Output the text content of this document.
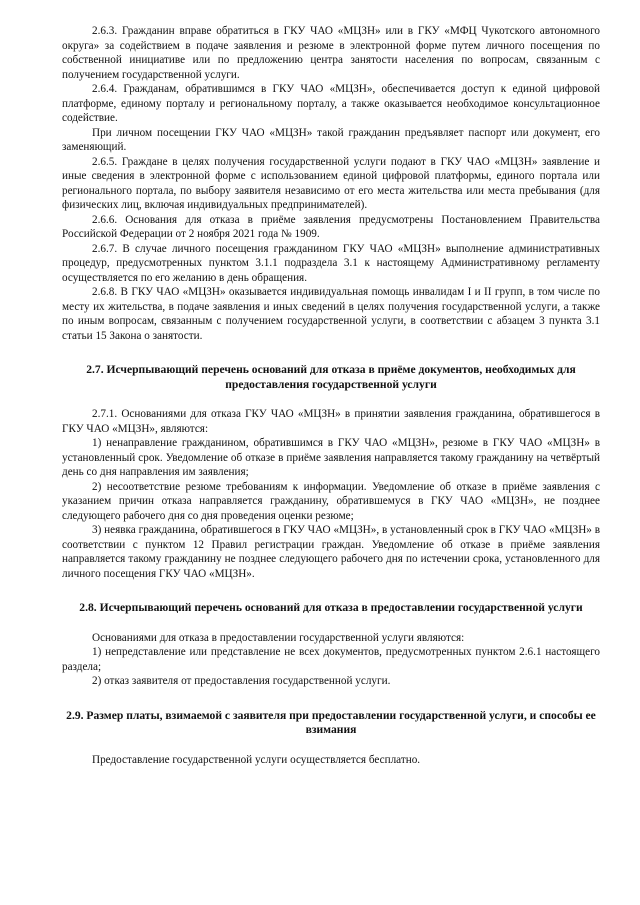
2.6.3. Гражданин вправе обратиться в ГКУ ЧАО «МЦЗН» или в ГКУ «МФЦ Чукотского автономного округа» за содействием в подаче заявления и резюме в электронной форме путем личного посещения по собственной инициативе или по предложению центра занятости населения по вопросам, связанным с получением государственной услуги.

2.6.4. Гражданам, обратившимся в ГКУ ЧАО «МЦЗН», обеспечивается доступ к единой цифровой платформе, единому порталу и региональному порталу, а также оказывается необходимое консультационное содействие.

При личном посещении ГКУ ЧАО «МЦЗН» такой гражданин предъявляет паспорт или документ, его заменяющий.

2.6.5. Граждане в целях получения государственной услуги подают в ГКУ ЧАО «МЦЗН» заявление и иные сведения в электронной форме с использованием единой цифровой платформы, единого портала или регионального портала, по выбору заявителя независимо от его места жительства или места пребывания (для физических лиц, включая индивидуальных предпринимателей).

2.6.6. Основания для отказа в приёме заявления предусмотрены Постановлением Правительства Российской Федерации от 2 ноября 2021 года № 1909.

2.6.7. В случае личного посещения гражданином ГКУ ЧАО «МЦЗН» выполнение административных процедур, предусмотренных пунктом 3.1.1 подраздела 3.1 к настоящему Административному регламенту осуществляется по его желанию в день обращения.

2.6.8. В ГКУ ЧАО «МЦЗН» оказывается индивидуальная помощь инвалидам I и II групп, в том числе по месту их жительства, в подаче заявления и иных сведений в целях получения государственной услуги, а также по иным вопросам, связанным с получением государственной услуги, в соответствии с абзацем 3 пункта 3.1 статьи 15 Закона о занятости.

2.7. Исчерпывающий перечень оснований для отказа в приёме документов, необходимых для предоставления государственной услуги

2.7.1. Основаниями для отказа ГКУ ЧАО «МЦЗН» в принятии заявления гражданина, обратившегося в ГКУ ЧАО «МЦЗН», являются:

1) ненаправление гражданином, обратившимся в ГКУ ЧАО «МЦЗН», резюме в ГКУ ЧАО «МЦЗН» в установленный срок. Уведомление об отказе в приёме заявления направляется такому гражданину на четвёртый день со дня направления им заявления;

2) несоответствие резюме требованиям к информации. Уведомление об отказе в приёме заявления с указанием причин отказа направляется гражданину, обратившемуся в ГКУ ЧАО «МЦЗН», не позднее следующего рабочего дня со дня проведения оценки резюме;

3) неявка гражданина, обратившегося в ГКУ ЧАО «МЦЗН», в установленный срок в ГКУ ЧАО «МЦЗН» в соответствии с пунктом 12 Правил регистрации граждан. Уведомление об отказе в приёме заявления направляется такому гражданину не позднее следующего рабочего дня по истечении срока, установленного для личного посещения ГКУ ЧАО «МЦЗН».

2.8. Исчерпывающий перечень оснований для отказа в предоставлении государственной услуги

Основаниями для отказа в предоставлении государственной услуги являются:

1) непредставление или представление не всех документов, предусмотренных пунктом 2.6.1 настоящего раздела;

2) отказ заявителя от предоставления государственной услуги.

2.9. Размер платы, взимаемой с заявителя при предоставлении государственной услуги, и способы ее взимания

Предоставление государственной услуги осуществляется бесплатно.
